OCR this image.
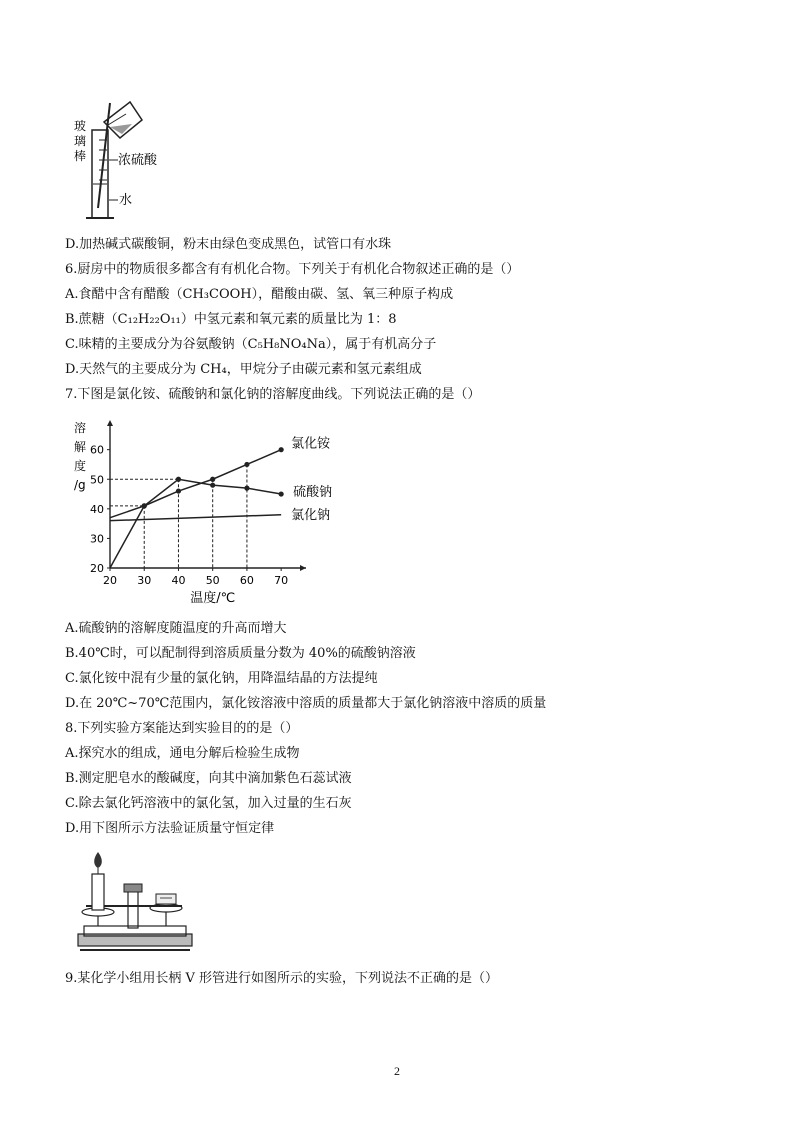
玻 璃 棒 浓硫酸
水
D.加热碱式碳酸铜，粉末由绿色变成黑色，试管口有水珠
6.厨房中的物质很多都含有有机化合物。下列关于有机化合物叙述正确的是（）
A.食醋中含有醋酸（CH₃COOH），醋酸由碳、氢、氧三种原子构成
B.蔗糖（C₁₂H₂₂O₁₁）中氢元素和氧元素的质量比为 1：8
C.味精的主要成分为谷氨酸钠（C₅H₈NO₄Na），属于有机高分子
D.天然气的主要成分为 CH₄，甲烷分子由碳元素和氢元素组成
7.下图是氯化铵、硫酸钠和氯化钠的溶解度曲线。下列说法正确的是（）
20
30
40
50
60
20 30 40 50 60 70
溶
解
度
/g
温度/℃
氯化铵
硫酸钠
氯化钠
A.硫酸钠的溶解度随温度的升高而增大
B.40℃时，可以配制得到溶质质量分数为 40%的硫酸钠溶液
C.氯化铵中混有少量的氯化钠，用降温结晶的方法提纯
D.在 20℃~70℃范围内，氯化铵溶液中溶质的质量都大于氯化钠溶液中溶质的质量
8.下列实验方案能达到实验目的的是（）
A.探究水的组成，通电分解后检验生成物
B.测定肥皂水的酸碱度，向其中滴加紫色石蕊试液
C.除去氯化钙溶液中的氯化氢，加入过量的生石灰
D.用下图所示方法验证质量守恒定律
9.某化学小组用长柄 V 形管进行如图所示的实验，下列说法不正确的是（）
2
